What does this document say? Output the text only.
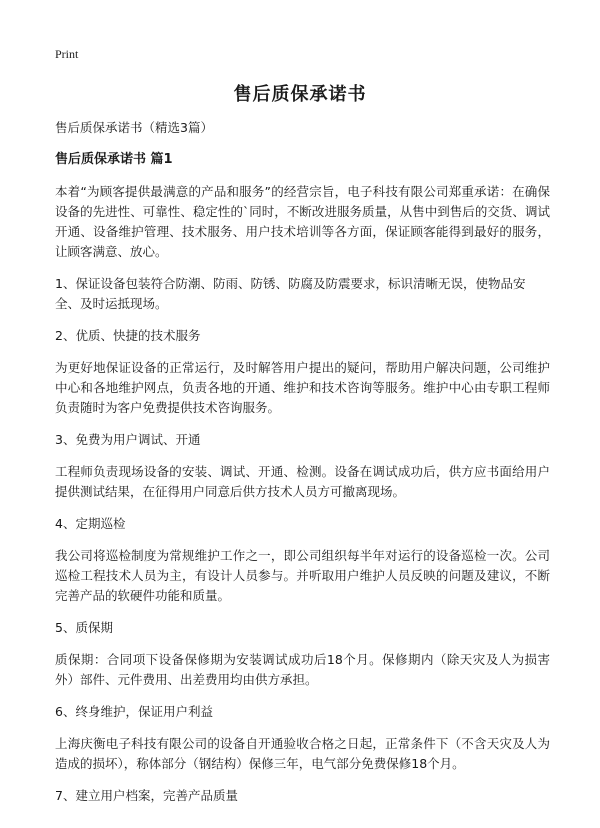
Print
售后质保承诺书
售后质保承诺书（精选3篇）
售后质保承诺书 篇1
本着“为顾客提供最满意的产品和服务”的经营宗旨，电子科技有限公司郑重承诺：在确保设备的先进性、可靠性、稳定性的`同时，不断改进服务质量，从售中到售后的交货、调试开通、设备维护管理、技术服务、用户技术培训等各方面，保证顾客能得到最好的服务，让顾客满意、放心。
1、保证设备包装符合防潮、防雨、防锈、防腐及防震要求，标识清晰无误，使物品安全、及时运抵现场。
2、优质、快捷的技术服务
为更好地保证设备的正常运行，及时解答用户提出的疑问，帮助用户解决问题，公司维护中心和各地维护网点，负责各地的开通、维护和技术咨询等服务。维护中心由专职工程师负责随时为客户免费提供技术咨询服务。
3、免费为用户调试、开通
工程师负责现场设备的安装、调试、开通、检测。设备在调试成功后，供方应书面给用户提供测试结果，在征得用户同意后供方技术人员方可撤离现场。
4、定期巡检
我公司将巡检制度为常规维护工作之一，即公司组织每半年对运行的设备巡检一次。公司巡检工程技术人员为主，有设计人员参与。并听取用户维护人员反映的问题及建议，不断完善产品的软硬件功能和质量。
5、质保期
质保期：合同项下设备保修期为安装调试成功后18个月。保修期内（除天灾及人为损害外）部件、元件费用、出差费用均由供方承担。
6、终身维护，保证用户利益
上海庆衡电子科技有限公司的设备自开通验收合格之日起，正常条件下（不含天灾及人为造成的损坏），称体部分（钢结构）保修三年，电气部分免费保修18个月。
7、建立用户档案，完善产品质量
